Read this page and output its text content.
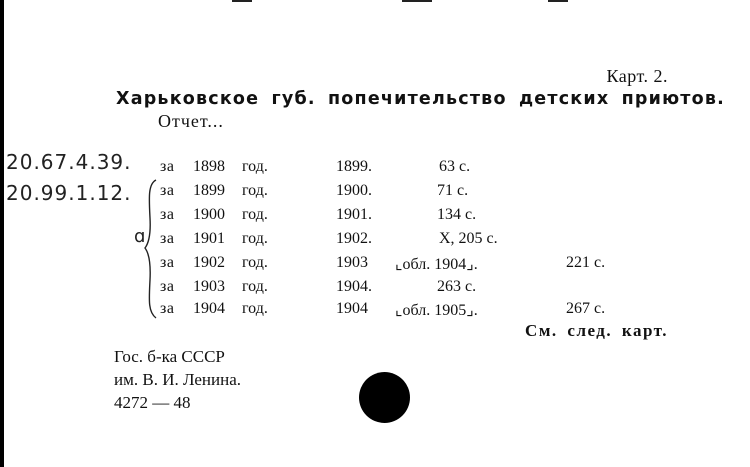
Карт. 2.
Харьковское губ. попечительство детских приютов.
Отчет...
20.67.4.39.
20.99.1.12.
ɑ
за 1898 год.	1899.	63 с.
за 1899 год.	1900.	71 с.
за 1900 год.	1901.	134 с.
за 1901 год.	1902.	X, 205 с.
за 1902 год.	1903 ⌞обл. 1904⌟.	221 с.
за 1903 год.	1904.	263 с.
за 1904 год.	1904 ⌞обл. 1905⌟.	267 с.
См. след. карт.
Гос. б-ка СССР
им. В. И. Ленина.
4272 — 48
